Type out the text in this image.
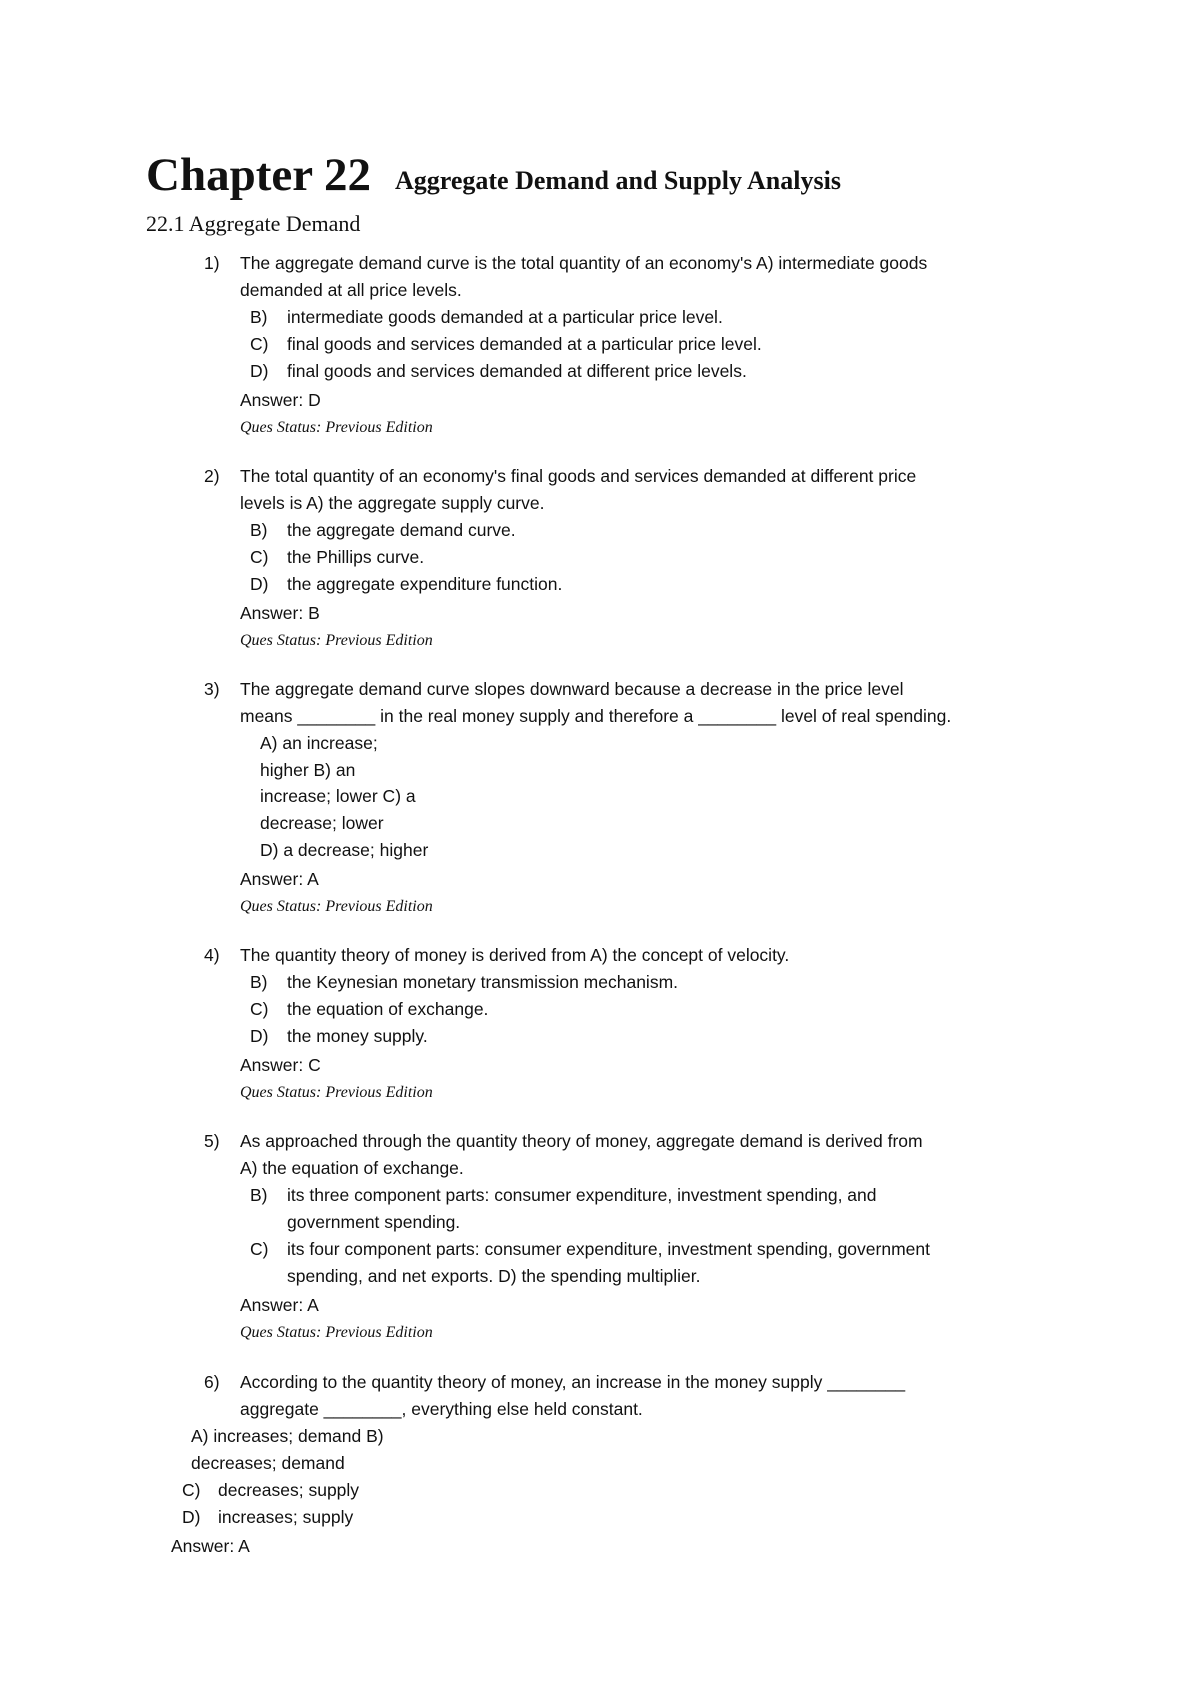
Chapter 22 Aggregate Demand and Supply Analysis
22.1 Aggregate Demand
1) The aggregate demand curve is the total quantity of an economy's A) intermediate goods
demanded at all price levels.
B) intermediate goods demanded at a particular price level.
C) final goods and services demanded at a particular price level.
D) final goods and services demanded at different price levels.
Answer: D
Ques Status: Previous Edition
2) The total quantity of an economy's final goods and services demanded at different price
levels is A) the aggregate supply curve.
B) the aggregate demand curve.
C) the Phillips curve.
D) the aggregate expenditure function.
Answer: B
Ques Status: Previous Edition
3) The aggregate demand curve slopes downward because a decrease in the price level
means ________ in the real money supply and therefore a ________ level of real spending.
A) an increase;
higher B) an
increase; lower C) a
decrease; lower
D) a decrease; higher
Answer: A
Ques Status: Previous Edition
4) The quantity theory of money is derived from A) the concept of velocity.
B) the Keynesian monetary transmission mechanism.
C) the equation of exchange.
D) the money supply.
Answer: C
Ques Status: Previous Edition
5) As approached through the quantity theory of money, aggregate demand is derived from
A) the equation of exchange.
B) its three component parts: consumer expenditure, investment spending, and
government spending.
C) its four component parts: consumer expenditure, investment spending, government
spending, and net exports. D) the spending multiplier.
Answer: A
Ques Status: Previous Edition
6) According to the quantity theory of money, an increase in the money supply ________
aggregate ________, everything else held constant.
A) increases; demand B)
decreases; demand
C) decreases; supply
D) increases; supply
Answer: A
